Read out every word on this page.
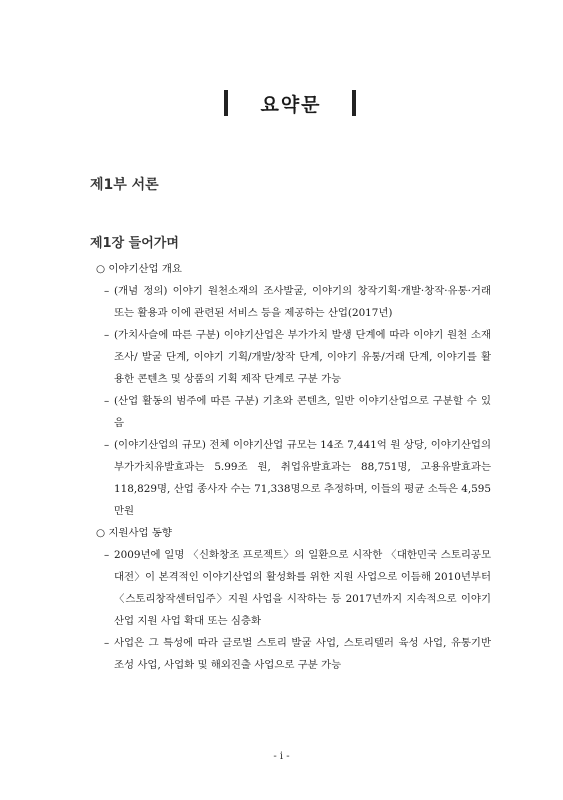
요약문
제1부 서론
제1장 들어가며

○ 이야기산업 개요

– (개념 정의) 이야기 원천소재의 조사발굴, 이야기의 창작기획·개발·창작·유통·거래 또는 활용과 이에 관련된 서비스 등을 제공하는 산업(2017년)

– (가치사슬에 따른 구분) 이야기산업은 부가가치 발생 단계에 따라 이야기 원천 소재 조사/ 발굴 단계, 이야기 기획/개발/창작 단계, 이야기 유통/거래 단계, 이야기를 활용한 콘텐츠 및 상품의 기획 제작 단계로 구분 가능

– (산업 활동의 범주에 따른 구분) 기초와 콘텐츠, 일반 이야기산업으로 구분할 수 있음

– (이야기산업의 규모) 전체 이야기산업 규모는 14조 7,441억 원 상당, 이야기산업의 부가가치유발효과는 5.99조 원, 취업유발효과는 88,751명, 고용유발효과는 118,829명, 산업 종사자 수는 71,338명으로 추정하며, 이들의 평균 소득은 4,595만원

○ 지원사업 동향

– 2009년에 일명 〈신화창조 프로젝트〉의 일환으로 시작한 〈대한민국 스토리공모대전〉이 본격적인 이야기산업의 활성화를 위한 지원 사업으로 이듬해 2010년부터 〈스토리창작센터입주〉지원 사업을 시작하는 등 2017년까지 지속적으로 이야기산업 지원 사업 확대 또는 심층화

– 사업은 그 특성에 따라 글로벌 스토리 발굴 사업, 스토리텔러 육성 사업, 유통기반 조성 사업, 사업화 및 해외진출 사업으로 구분 가능

- i -
